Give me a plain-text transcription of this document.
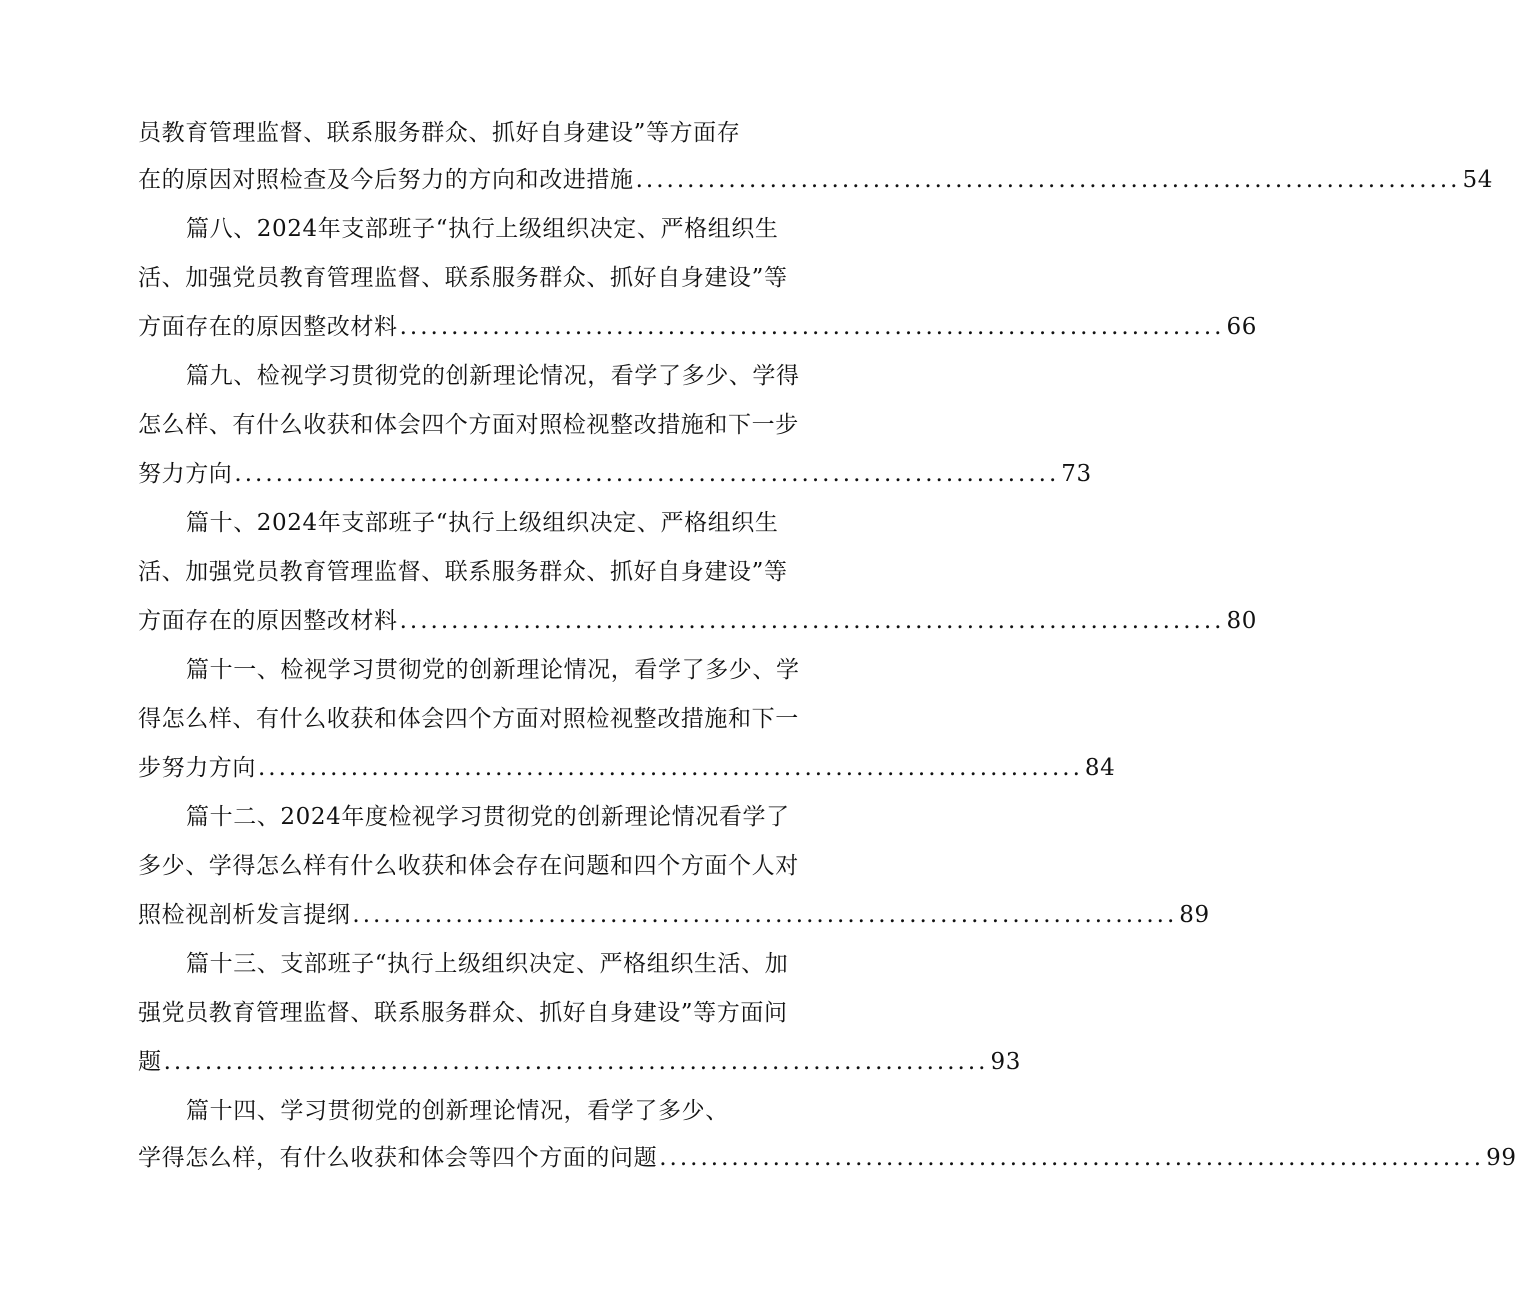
员教育管理监督、联系服务群众、抓好自身建设”等方面存
在的原因对照检查及今后努力的方向和改进措施 ................................................................................ 54
篇八、2024年支部班子“执行上级组织决定、严格组织生
活、加强党员教育管理监督、联系服务群众、抓好自身建设”等
方面存在的原因整改材料 ................................................................................ 66
篇九、检视学习贯彻党的创新理论情况，看学了多少、学得
怎么样、有什么收获和体会四个方面对照检视整改措施和下一步
努力方向 ................................................................................ 73
篇十、2024年支部班子“执行上级组织决定、严格组织生
活、加强党员教育管理监督、联系服务群众、抓好自身建设”等
方面存在的原因整改材料 ................................................................................ 80
篇十一、检视学习贯彻党的创新理论情况，看学了多少、学
得怎么样、有什么收获和体会四个方面对照检视整改措施和下一
步努力方向 ................................................................................ 84
篇十二、2024年度检视学习贯彻党的创新理论情况看学了
多少、学得怎么样有什么收获和体会存在问题和四个方面个人对
照检视剖析发言提纲 ................................................................................ 89
篇十三、支部班子“执行上级组织决定、严格组织生活、加
强党员教育管理监督、联系服务群众、抓好自身建设”等方面问
题 ................................................................................ 93
篇十四、学习贯彻党的创新理论情况，看学了多少、
学得怎么样，有什么收获和体会等四个方面的问题 ................................................................................ 99
